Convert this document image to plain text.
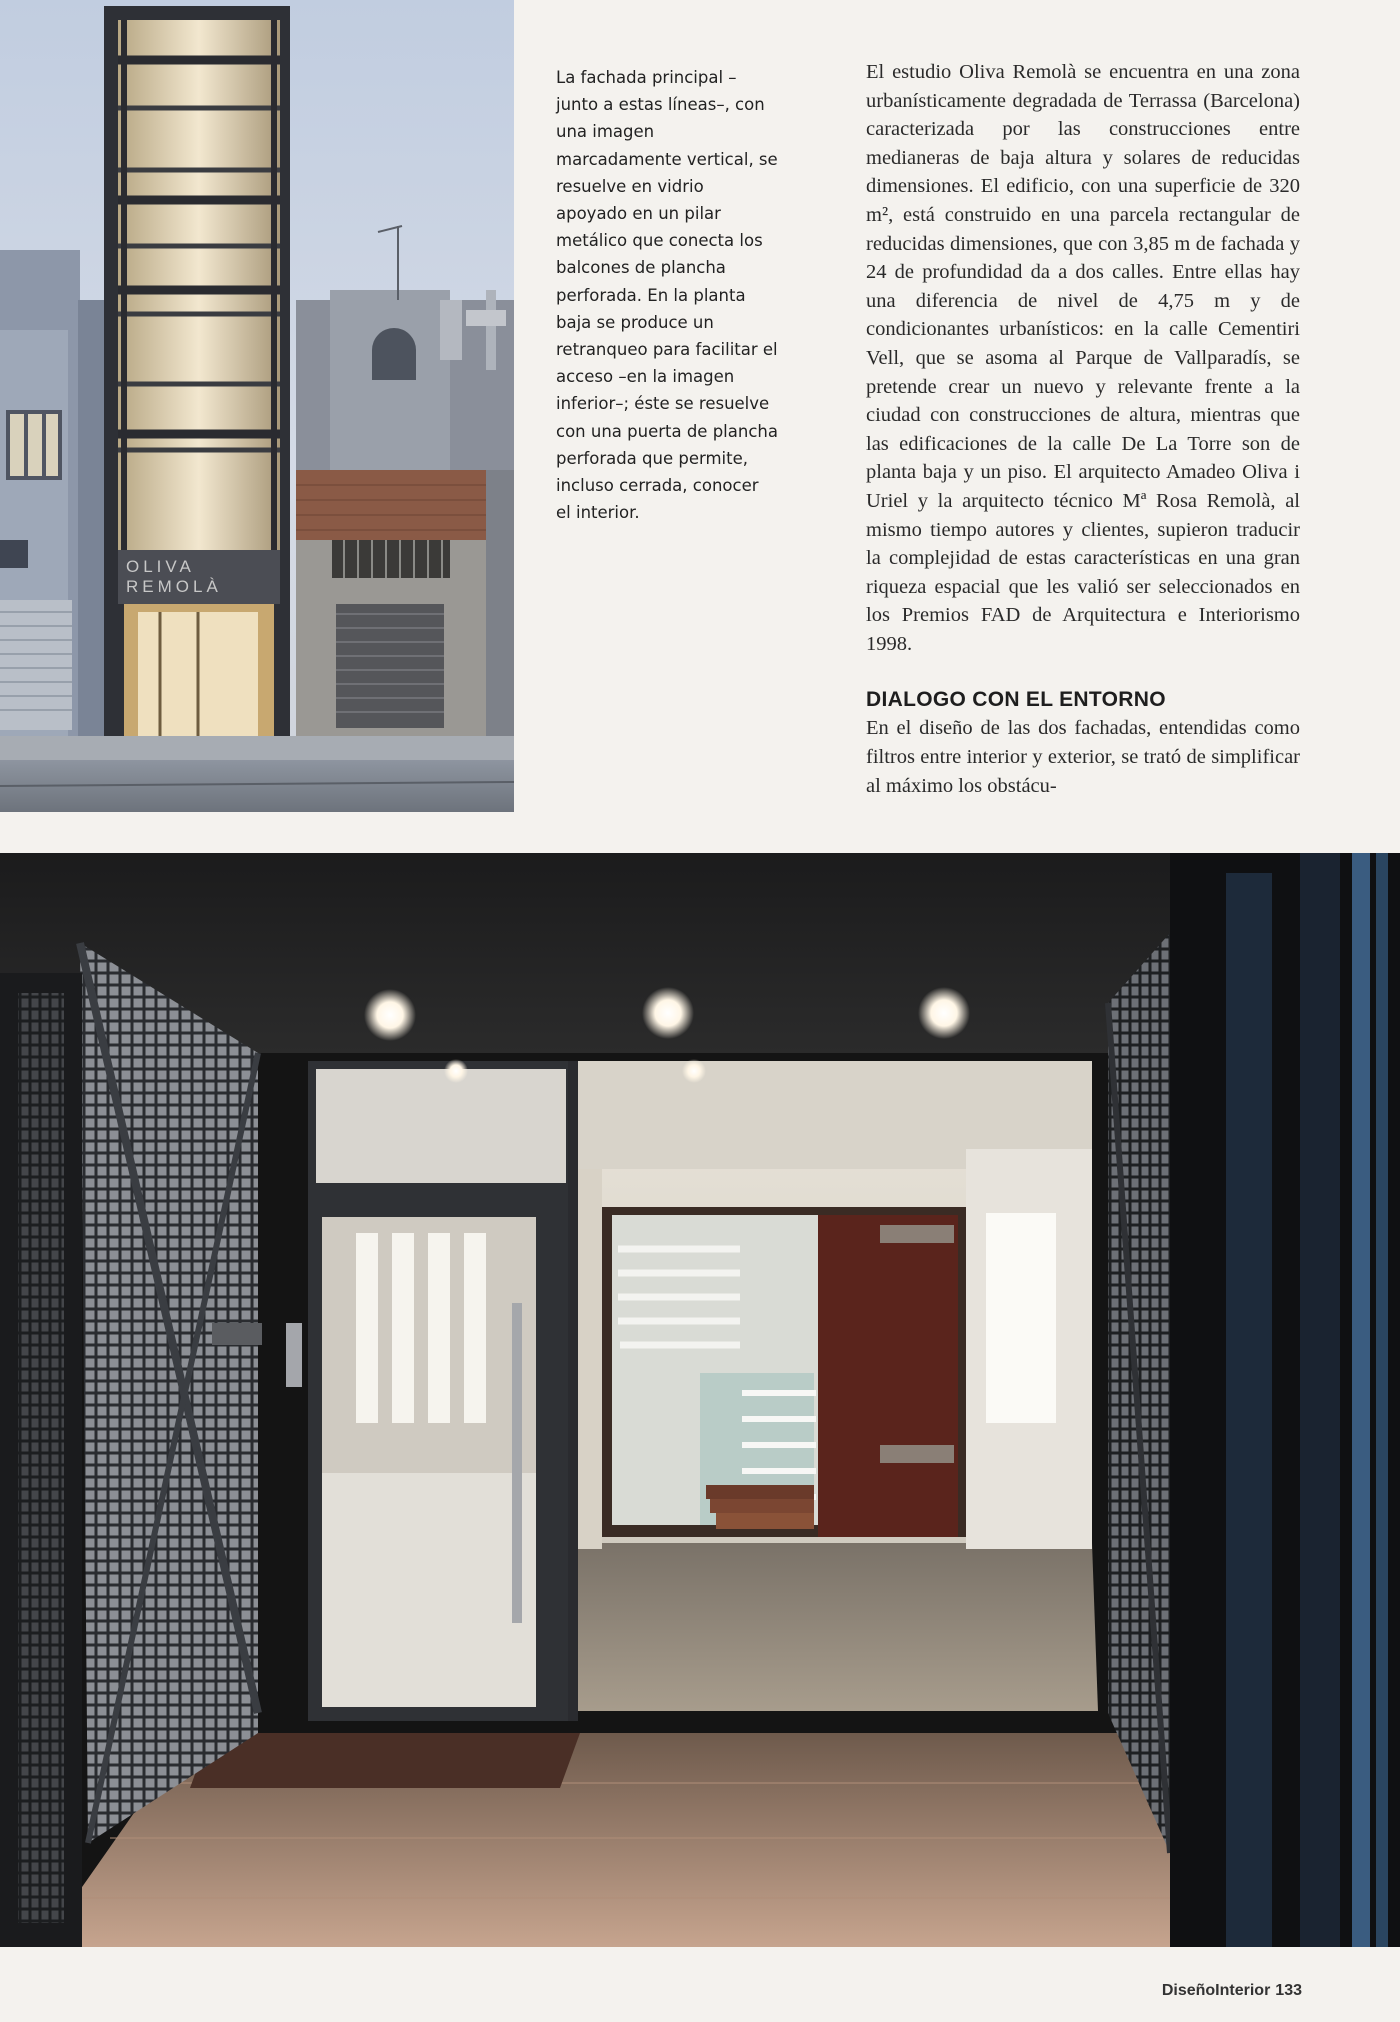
OLIVA REMOLÀ

La fachada principal –junto a estas líneas–, con una imagen marcadamente vertical, se resuelve en vidrio apoyado en un pilar metálico que conecta los balcones de plancha perforada. En la planta baja se produce un retranqueo para facilitar el acceso –en la imagen inferior–; éste se resuelve con una puerta de plancha perforada que permite, incluso cerrada, conocer el interior.

El estudio Oliva Remolà se encuentra en una zona urbanísticamente degradada de Terrassa (Barcelona) caracterizada por las construcciones entre medianeras de baja altura y solares de reducidas dimensiones. El edificio, con una superficie de 320 m², está construido en una parcela rectangular de reducidas dimensiones, que con 3,85 m de fachada y 24 de profundidad da a dos calles. Entre ellas hay una diferencia de nivel de 4,75 m y de condicionantes urbanísticos: en la calle Cementiri Vell, que se asoma al Parque de Vallparadís, se pretende crear un nuevo y relevante frente a la ciudad con construcciones de altura, mientras que las edificaciones de la calle De La Torre son de planta baja y un piso. El arquitecto Amadeo Oliva i Uriel y la arquitecto técnico Mª Rosa Remolà, al mismo tiempo autores y clientes, supieron traducir la complejidad de estas características en una gran riqueza espacial que les valió ser seleccionados en los Premios FAD de Arquitectura e Interiorismo 1998.

DIALOGO CON EL ENTORNO

En el diseño de las dos fachadas, entendidas como filtros entre interior y exterior, se trató de simplificar al máximo los obstácu-

DiseñoInterior 133
